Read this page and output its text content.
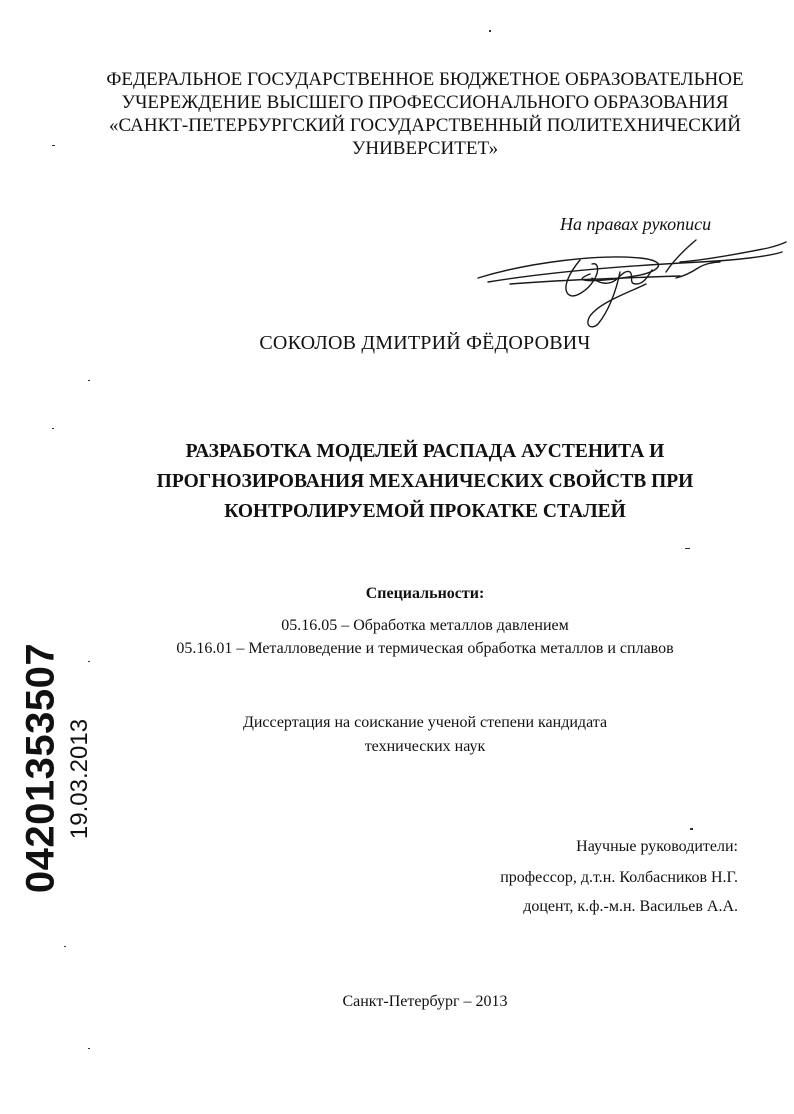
ФЕДЕРАЛЬНОЕ ГОСУДАРСТВЕННОЕ БЮДЖЕТНОЕ ОБРАЗОВАТЕЛЬНОЕ
УЧЕРЕЖДЕНИЕ ВЫСШЕГО ПРОФЕССИОНАЛЬНОГО ОБРАЗОВАНИЯ
«САНКТ-ПЕТЕРБУРГСКИЙ ГОСУДАРСТВЕННЫЙ ПОЛИТЕХНИЧЕСКИЙ
УНИВЕРСИТЕТ»
На правах рукописи
СОКОЛОВ ДМИТРИЙ ФЁДОРОВИЧ
РАЗРАБОТКА МОДЕЛЕЙ РАСПАДА АУСТЕНИТА И
ПРОГНОЗИРОВАНИЯ МЕХАНИЧЕСКИХ СВОЙСТВ ПРИ
КОНТРОЛИРУЕМОЙ ПРОКАТКЕ СТАЛЕЙ
Специальности:
05.16.05 – Обработка металлов давлением
05.16.01 – Металловедение и термическая обработка металлов и сплавов
Диссертация на соискание ученой степени кандидата
технических наук
Научные руководители:
профессор, д.т.н. Колбасников Н.Г.
доцент, к.ф.-м.н. Васильев А.А.
Санкт-Петербург – 2013
04201353507 19.03.2013
